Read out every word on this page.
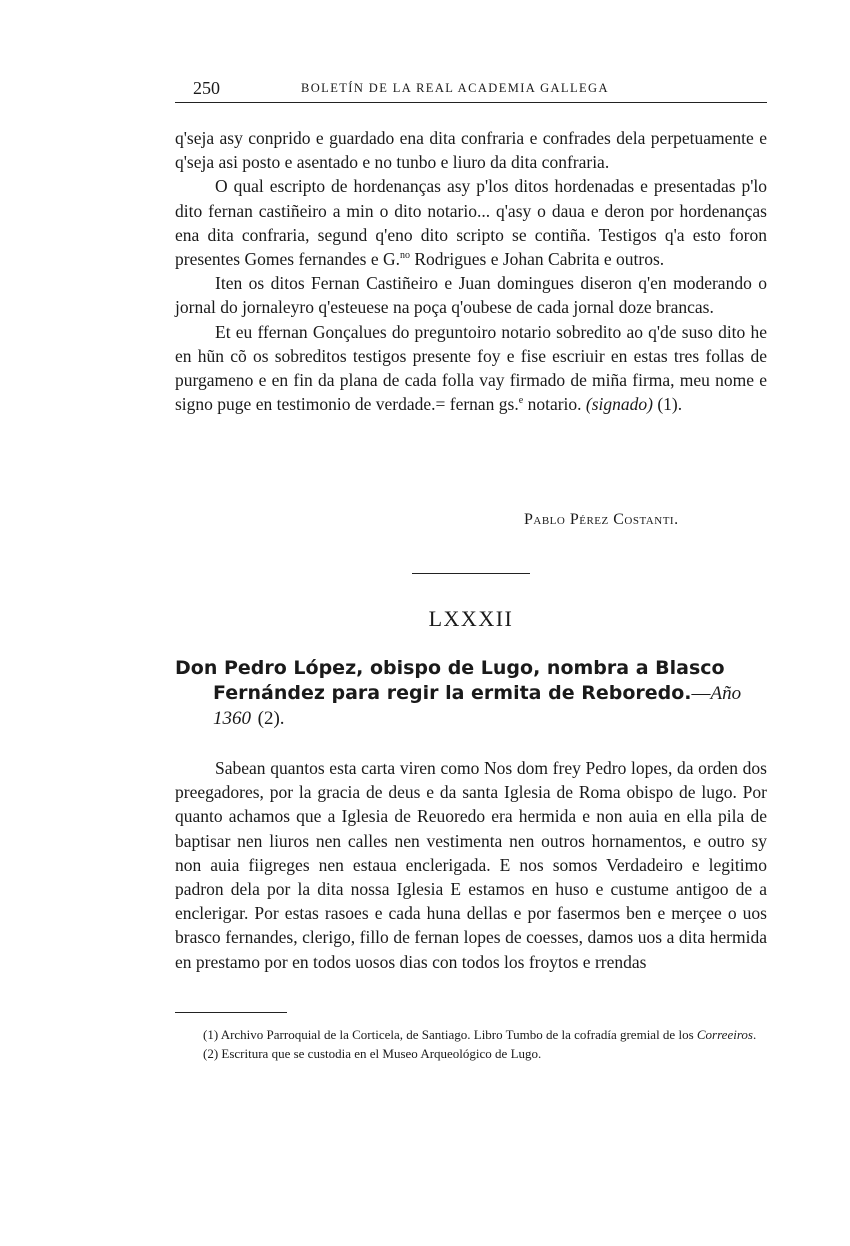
250	BOLETÍN DE LA REAL ACADEMIA GALLEGA

q'seja asy conprido e guardado ena dita confraria e confrades dela perpetuamente e q'seja asi posto e asentado e no tunbo e liuro da dita confraria.

O qual escripto de hordenanças asy p'los ditos hordenadas e presentadas p'lo dito fernan castiñeiro a min o dito notario... q'asy o daua e deron por hordenanças ena dita confraria, segund q'eno dito scripto se contiña. Testigos q'a esto foron presentes Gomes fernandes e G.$^{no}$ Rodrigues e Johan Cabrita e outros.

Iten os ditos Fernan Castiñeiro e Juan domingues diseron q'en moderando o jornal do jornaleyro q'esteuese na poça q'oubese de cada jornal doze brancas.

Et eu ffernan Gonçalues do preguntoiro notario sobredito ao q'de suso dito he en hũn cõ os sobreditos testigos presente foy e fise escriuir en estas tres follas de purgameno e en fin da plana de cada folla vay firmado de miña firma, meu nome e signo puge en testimonio de verdade.= fernan gs.$^e$ notario. (signado) (1).

Pablo Pérez Costanti.
LXXXII
Don Pedro López, obispo de Lugo, nombra a Blasco
Fernández para regir la ermita de Reboredo.—Año
1360 (2).

Sabean quantos esta carta viren como Nos dom frey Pedro lopes, da orden dos preegadores, por la gracia de deus e da santa Iglesia de Roma obispo de lugo. Por quanto achamos que a Iglesia de Reuoredo era hermida e non auia en ella pila de baptisar nen liuros nen calles nen vestimenta nen outros hornamentos, e outro sy non auia fiigreges nen estaua enclerigada. E nos somos Verdadeiro e legitimo padron dela por la dita nossa Iglesia E estamos en huso e custume antigoo de a enclerigar. Por estas rasoes e cada huna dellas e por fasermos ben e merçee o uos brasco fernandes, clerigo, fillo de fernan lopes de coesses, damos uos a dita hermida en prestamo por en todos uosos dias con todos los froytos e rrendas

(1) Archivo Parroquial de la Corticela, de Santiago. Libro Tumbo de la cofradía gremial de los Correeiros.

(2) Escritura que se custodia en el Museo Arqueológico de Lugo.
